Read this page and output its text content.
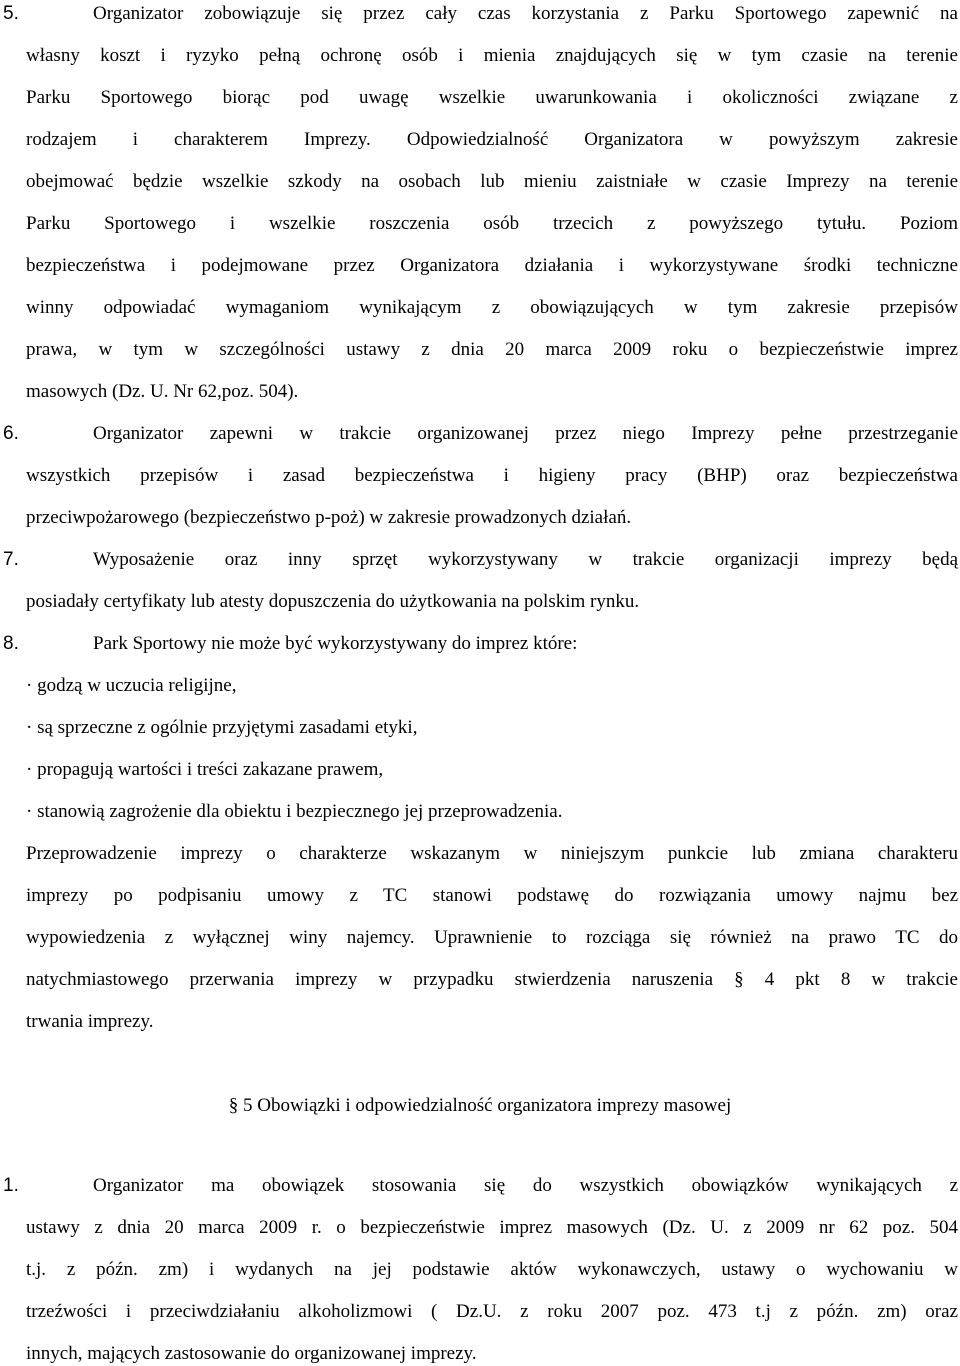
5.	Organizator zobowiązuje się przez cały czas korzystania z Parku Sportowego zapewnić na
własny koszt i ryzyko pełną ochronę osób i mienia znajdujących się w tym czasie na terenie
Parku Sportowego biorąc pod uwagę wszelkie uwarunkowania i okoliczności związane z
rodzajem i charakterem Imprezy. Odpowiedzialność Organizatora w powyższym zakresie
obejmować będzie wszelkie szkody na osobach lub mieniu zaistniałe w czasie Imprezy na terenie
Parku Sportowego i wszelkie roszczenia osób trzecich z powyższego tytułu. Poziom
bezpieczeństwa i podejmowane przez Organizatora działania i wykorzystywane środki techniczne
winny odpowiadać wymaganiom wynikającym z obowiązujących w tym zakresie przepisów
prawa, w tym w szczególności ustawy z dnia 20 marca 2009 roku o bezpieczeństwie imprez
masowych (Dz. U. Nr 62,poz. 504).
6.	Organizator zapewni w trakcie organizowanej przez niego Imprezy pełne przestrzeganie
wszystkich przepisów i zasad bezpieczeństwa i higieny pracy (BHP) oraz bezpieczeństwa
przeciwpożarowego (bezpieczeństwo p-poż) w zakresie prowadzonych działań.
7.	Wyposażenie oraz inny sprzęt wykorzystywany w trakcie organizacji imprezy będą
posiadały certyfikaty lub atesty dopuszczenia do użytkowania na polskim rynku.
8.	Park Sportowy nie może być wykorzystywany do imprez które:
· godzą w uczucia religijne,
· są sprzeczne z ogólnie przyjętymi zasadami etyki,
· propagują wartości i treści zakazane prawem,
· stanowią zagrożenie dla obiektu i bezpiecznego jej przeprowadzenia.
Przeprowadzenie imprezy o charakterze wskazanym w niniejszym punkcie lub zmiana charakteru
imprezy po podpisaniu umowy z TC stanowi podstawę do rozwiązania umowy najmu bez
wypowiedzenia z wyłącznej winy najemcy. Uprawnienie to rozciąga się również na prawo TC do
natychmiastowego przerwania imprezy w przypadku stwierdzenia naruszenia § 4 pkt 8 w trakcie
trwania imprezy.
§ 5 Obowiązki i odpowiedzialność organizatora imprezy masowej
1.	Organizator ma obowiązek stosowania się do wszystkich obowiązków wynikających z
ustawy z dnia 20 marca 2009 r. o bezpieczeństwie imprez masowych (Dz. U. z 2009 nr 62 poz. 504
t.j. z późn. zm) i wydanych na jej podstawie aktów wykonawczych, ustawy o wychowaniu w
trzeźwości i przeciwdziałaniu alkoholizmowi ( Dz.U. z roku 2007 poz. 473 t.j z późn. zm) oraz
innych, mających zastosowanie do organizowanej imprezy.
